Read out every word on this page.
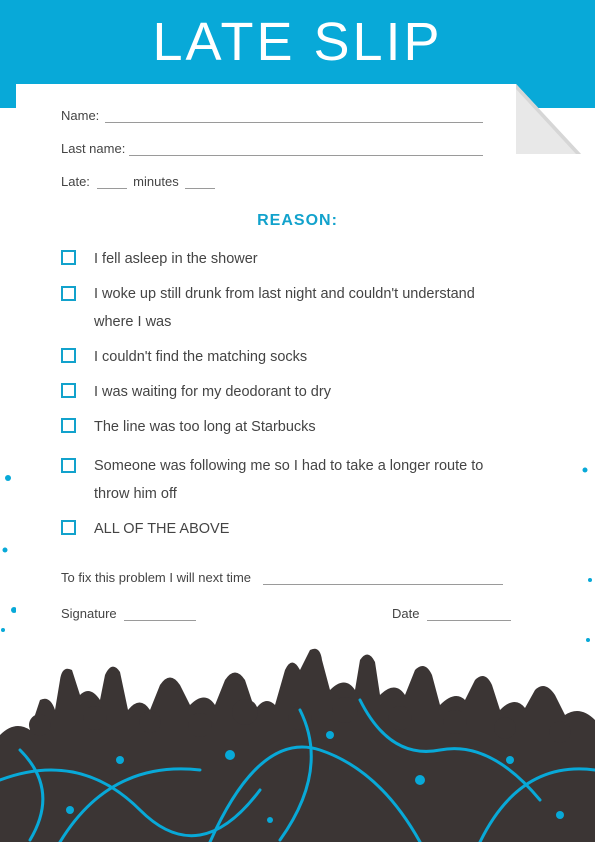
LATE SLIP
Name:
Last name:
Late:	minutes
REASON:
I fell asleep in the shower
I woke up still drunk from last night and couldn't understand where I was
I couldn't find the matching socks
I was waiting for my deodorant to dry
The line was too long at Starbucks
Someone was following me so I had to take a longer route to throw him off
ALL OF THE ABOVE
To fix this problem I will next time
Signature	Date
